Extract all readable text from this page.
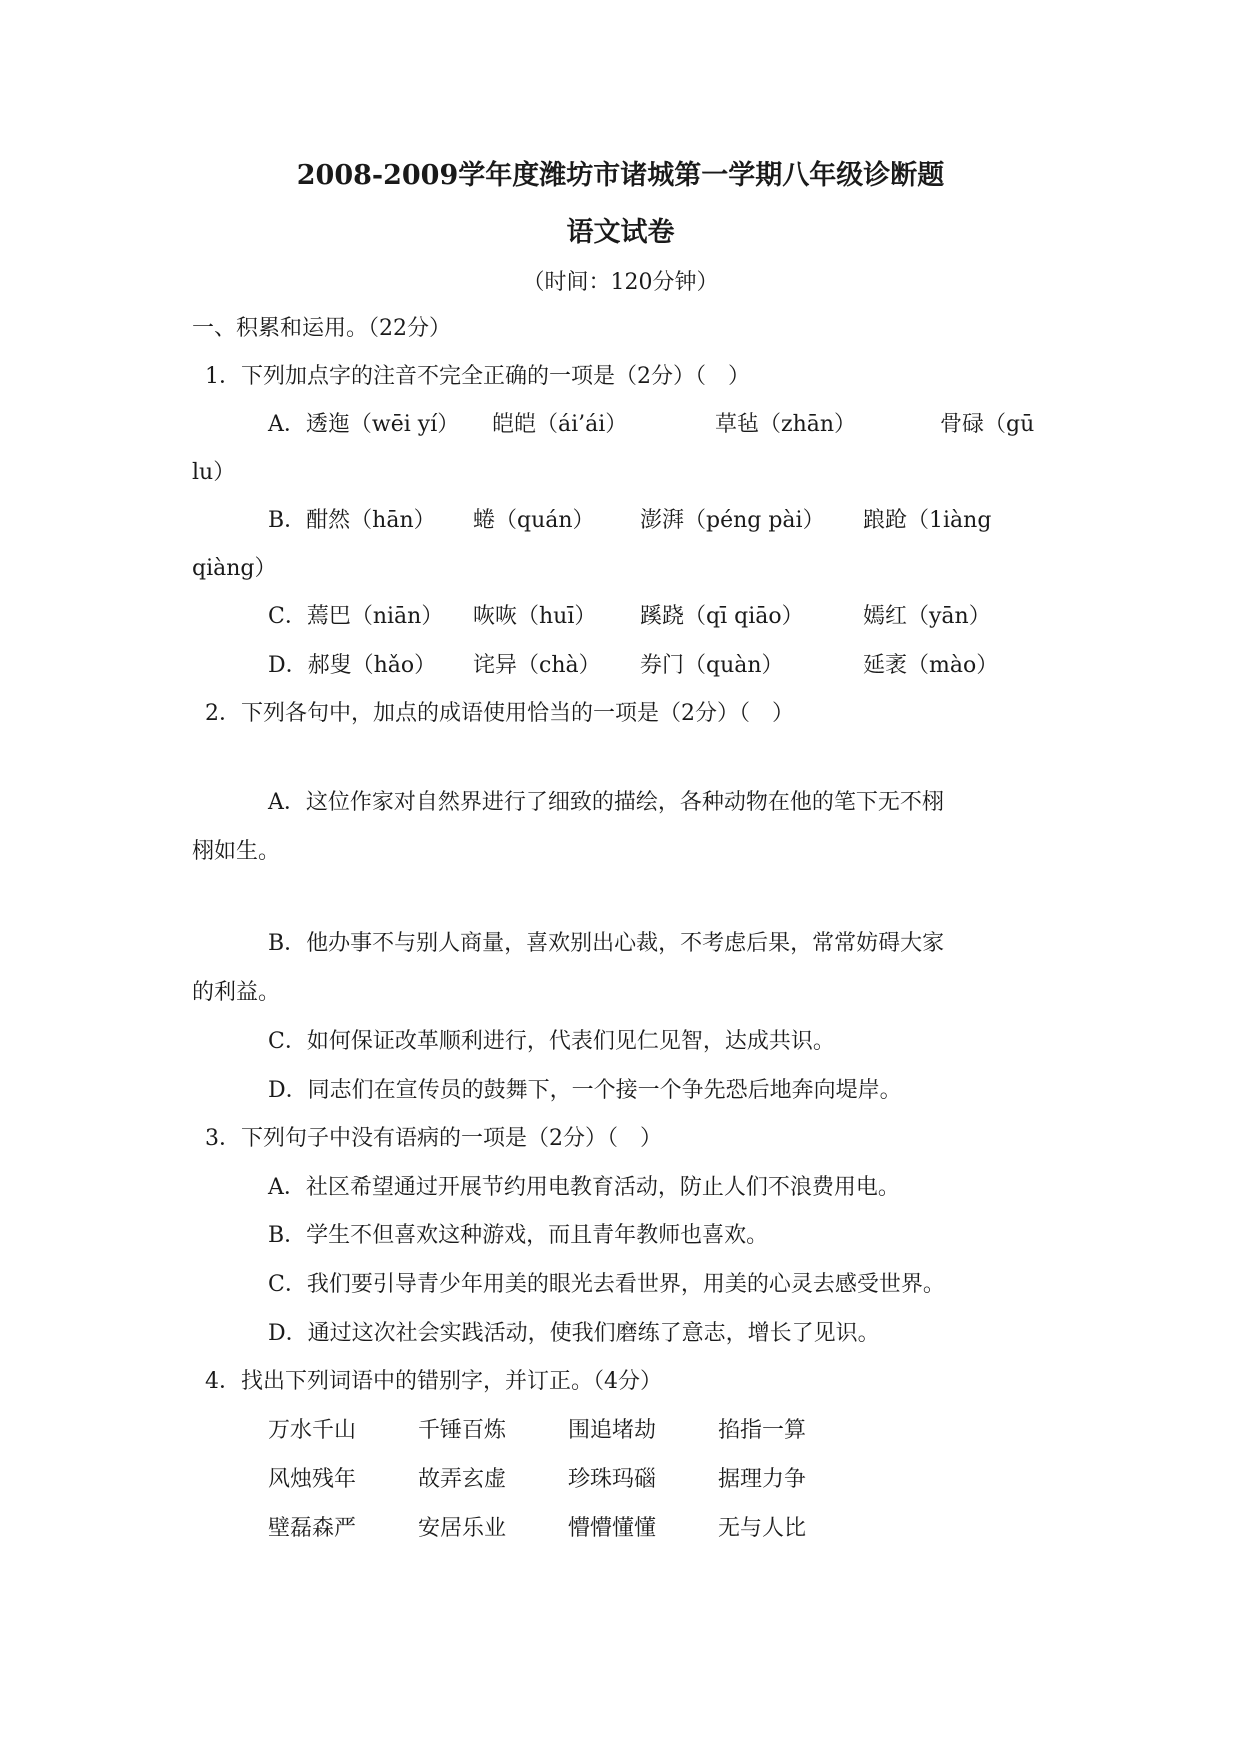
2008-2009学年度潍坊市诸城第一学期八年级诊断题
语文试卷
（时间：120分钟）
一、积累和运用。（22分）
1．下列加点字的注音不完全正确的一项是（2分）（　）
A．透迤（wēi yí） 皑皑（ái’ái）	草毡（zhān）	骨碌（gū
lu）
B．酣然（hān） 蜷（quán） 澎湃（péng pài） 踉跄（1iàng
qiàng）
C．蔫巴（niān） 咴咴（huī） 蹊跷（qī qiāo）	嫣红（yān）
D．郝叟（hǎo） 诧异（chà） 券门（quàn）	延袤（mào）
2．下列各句中，加点的成语使用恰当的一项是（2分）（　）
A．这位作家对自然界进行了细致的描绘，各种动物在他的笔下无不栩
栩如生。
B．他办事不与别人商量，喜欢别出心裁，不考虑后果，常常妨碍大家
的利益。
C．如何保证改革顺利进行，代表们见仁见智，达成共识。
D．同志们在宣传员的鼓舞下，一个接一个争先恐后地奔向堤岸。
3．下列句子中没有语病的一项是（2分）（　）
A．社区希望通过开展节约用电教育活动，防止人们不浪费用电。
B．学生不但喜欢这种游戏，而且青年教师也喜欢。
C．我们要引导青少年用美的眼光去看世界，用美的心灵去感受世界。
D．通过这次社会实践活动，使我们磨练了意志，增长了见识。
4．找出下列词语中的错别字，并订正。（4分）
万水千山	千锤百炼	围追堵劫	掐指一算
风烛残年	故弄玄虚	珍珠玛碯	据理力争
壁磊森严	安居乐业	懵懵懂懂	无与人比
